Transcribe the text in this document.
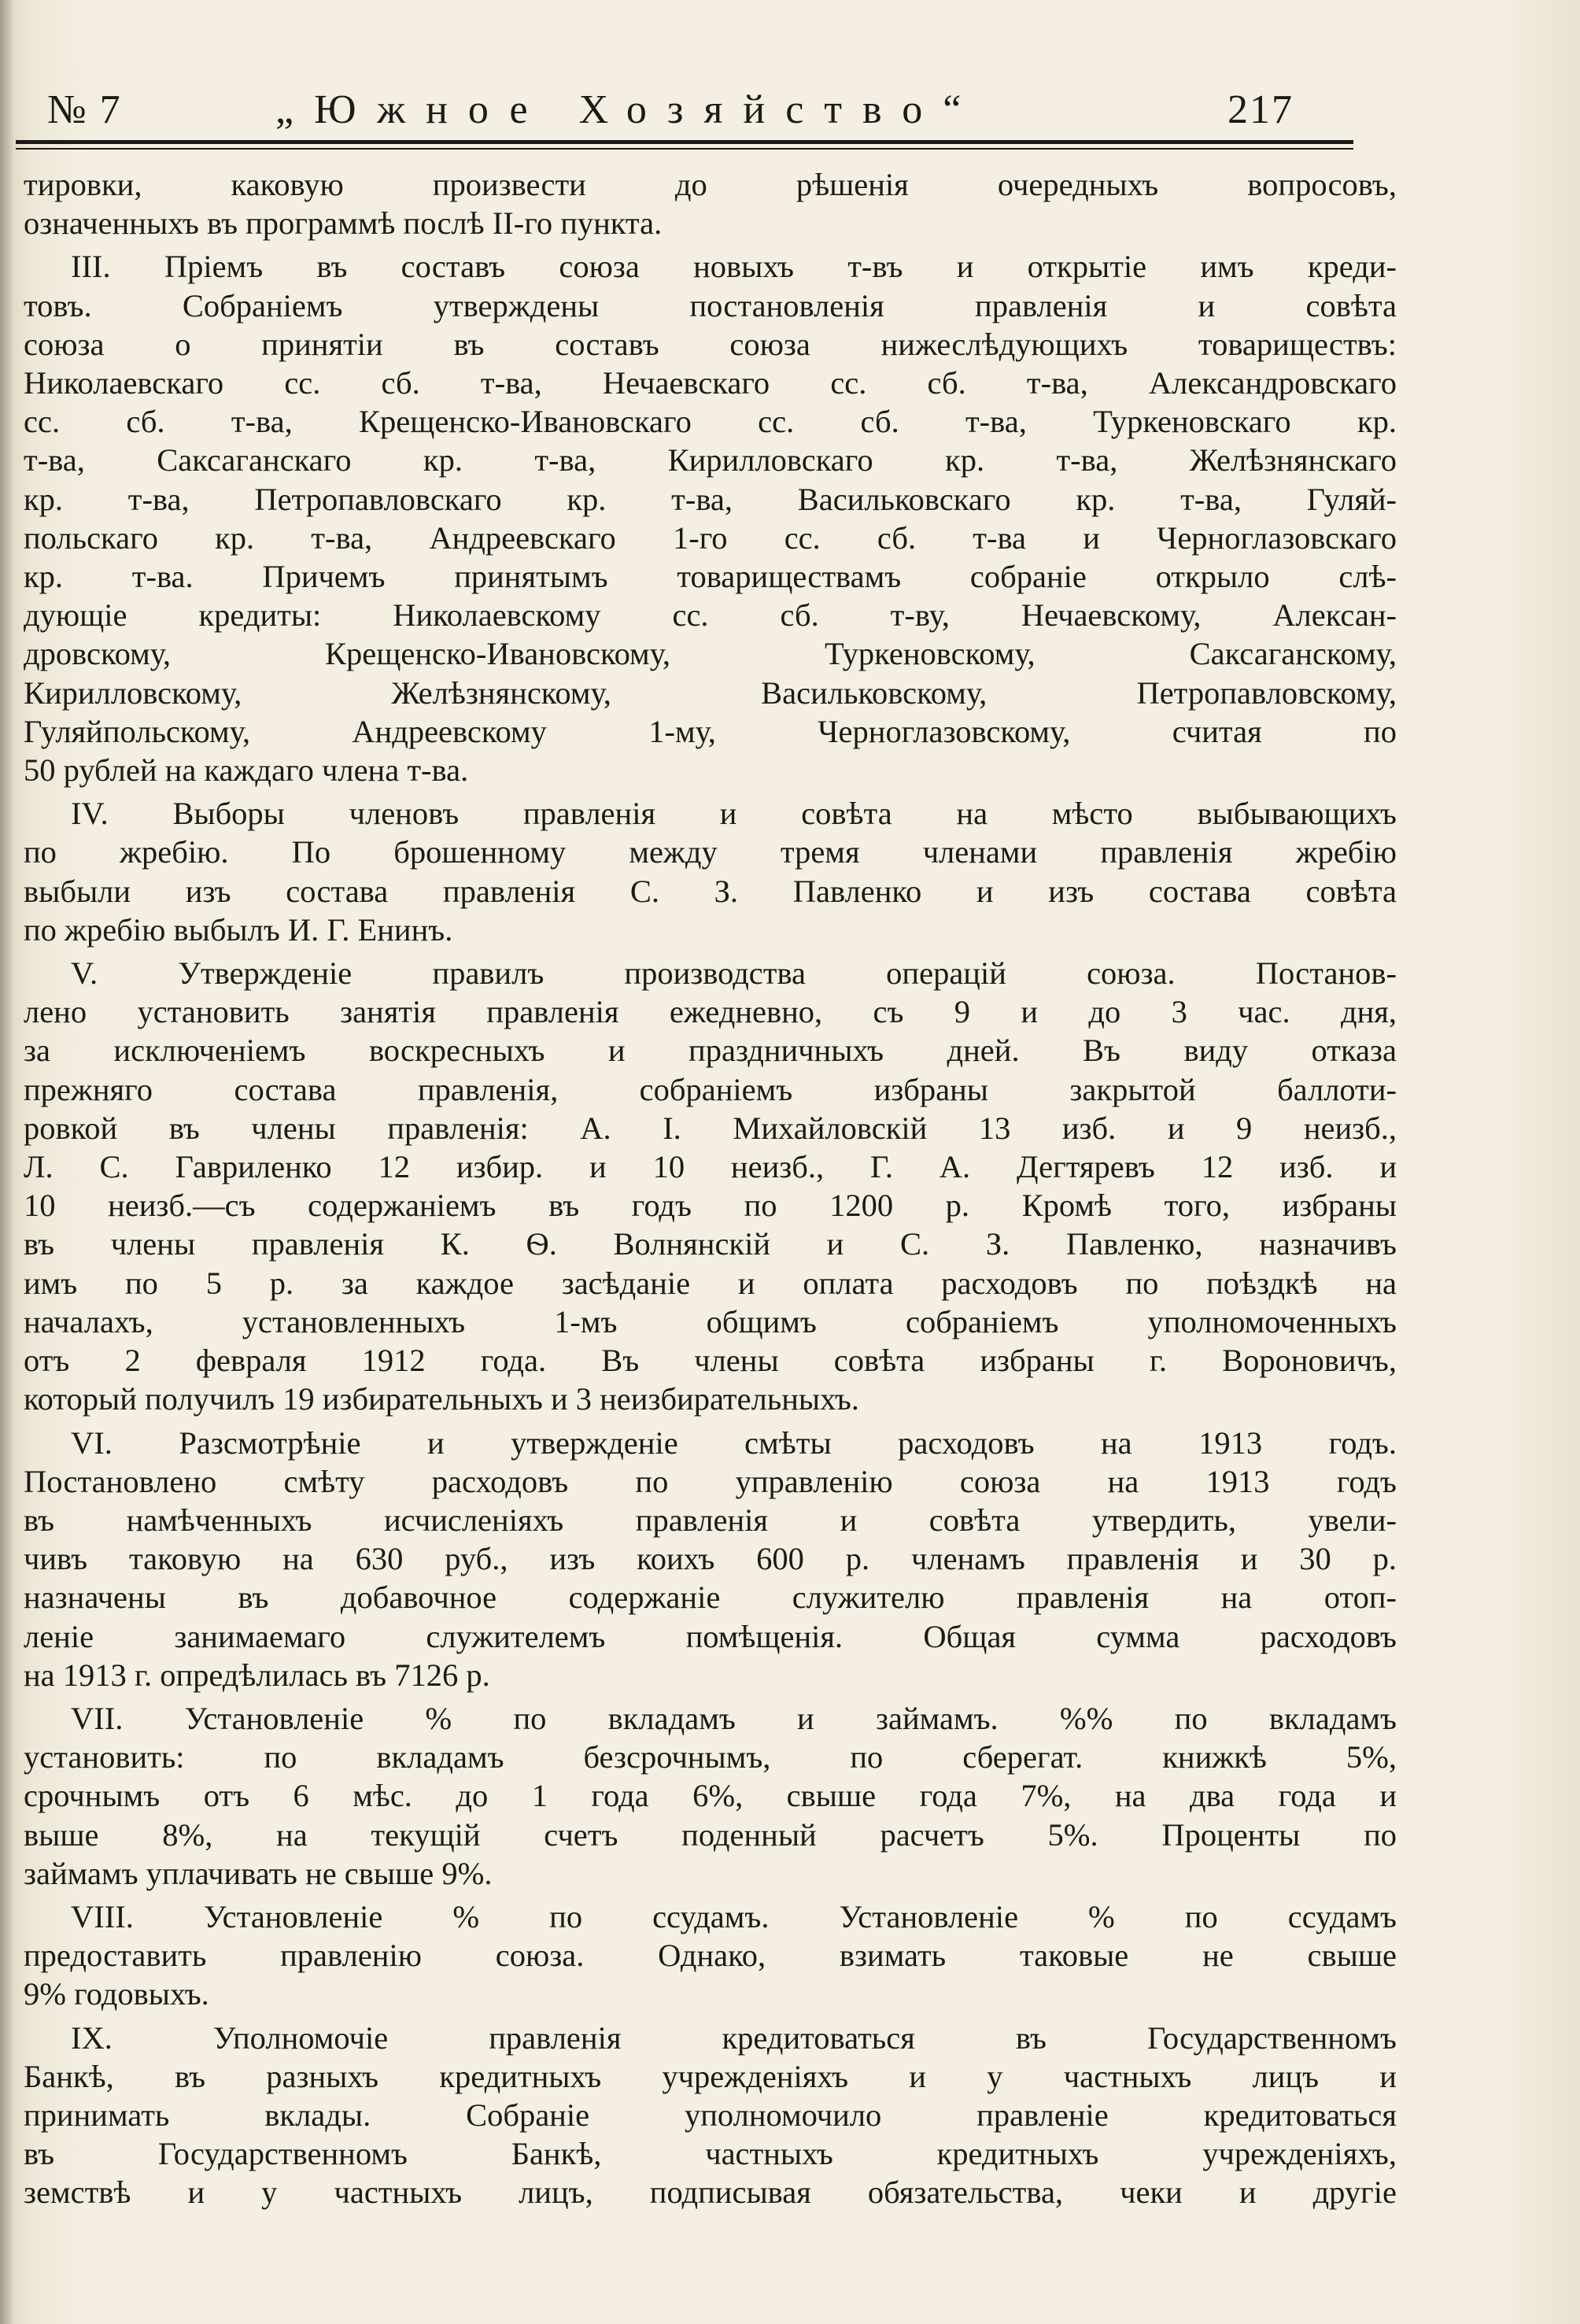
№ 7	„Южное Хозяйство“	217
тировки, каковую произвести до рѣшенія очередныхъ вопросовъ,
означенныхъ въ программѣ послѣ II-го пункта.
III. Пріемъ въ составъ союза новыхъ т-въ и открытіе имъ креди-
товъ. Собраніемъ утверждены постановленія правленія и совѣта
союза о принятіи въ составъ союза нижеслѣдующихъ товариществъ:
Николаевскаго сс. сб. т-ва, Нечаевскаго сс. сб. т-ва, Александровскаго
сс. сб. т-ва, Крещенско-Ивановскаго сс. сб. т-ва, Туркеновскаго кр.
т-ва, Саксаганскаго кр. т-ва, Кирилловскаго кр. т-ва, Желѣзнянскаго
кр. т-ва, Петропавловскаго кр. т-ва, Васильковскаго кр. т-ва, Гуляй-
польскаго кр. т-ва, Андреевскаго 1-го сс. сб. т-ва и Черноглазовскаго
кр. т-ва. Причемъ принятымъ товариществамъ собраніе открыло слѣ-
дующіе кредиты: Николаевскому сс. сб. т-ву, Нечаевскому, Алексан-
дровскому, Крещенско-Ивановскому, Туркеновскому, Саксаганскому,
Кирилловскому, Желѣзнянскому, Васильковскому, Петропавловскому,
Гуляйпольскому, Андреевскому 1-му, Черноглазовскому, считая по
50 рублей на каждаго члена т-ва.
IV. Выборы членовъ правленія и совѣта на мѣсто выбывающихъ
по жребію. По брошенному между тремя членами правленія жребію
выбыли изъ состава правленія С. З. Павленко и изъ состава совѣта
по жребію выбылъ И. Г. Енинъ.
V. Утвержденіе правилъ производства операцій союза. Постанов-
лено установить занятія правленія ежедневно, съ 9 и до 3 час. дня,
за исключеніемъ воскресныхъ и праздничныхъ дней. Въ виду отказа
прежняго состава правленія, собраніемъ избраны закрытой баллоти-
ровкой въ члены правленія: А. I. Михайловскій 13 изб. и 9 неизб.,
Л. С. Гавриленко 12 избир. и 10 неизб., Г. А. Дегтяревъ 12 изб. и
10 неизб.—съ содержаніемъ въ годъ по 1200 р. Кромѣ того, избраны
въ члены правленія К. Ѳ. Волнянскій и С. З. Павленко, назначивъ
имъ по 5 р. за каждое засѣданіе и оплата расходовъ по поѣздкѣ на
началахъ, установленныхъ 1-мъ общимъ собраніемъ уполномоченныхъ
отъ 2 февраля 1912 года. Въ члены совѣта избраны г. Вороновичъ,
который получилъ 19 избирательныхъ и 3 неизбирательныхъ.
VI. Разсмотрѣніе и утвержденіе смѣты расходовъ на 1913 годъ.
Постановлено смѣту расходовъ по управленію союза на 1913 годъ
въ намѣченныхъ исчисленіяхъ правленія и совѣта утвердить, увели-
чивъ таковую на 630 руб., изъ коихъ 600 р. членамъ правленія и 30 р.
назначены въ добавочное содержаніе служителю правленія на отоп-
леніе занимаемаго служителемъ помѣщенія. Общая сумма расходовъ
на 1913 г. опредѣлилась въ 7126 р.
VII. Установленіе % по вкладамъ и займамъ. %% по вкладамъ
установить: по вкладамъ безсрочнымъ, по сберегат. книжкѣ 5%,
срочнымъ отъ 6 мѣс. до 1 года 6%, свыше года 7%, на два года и
выше 8%, на текущій счетъ поденный расчетъ 5%. Проценты по
займамъ уплачивать не свыше 9%.
VIII. Установленіе % по ссудамъ. Установленіе % по ссудамъ
предоставить правленію союза. Однако, взимать таковые не свыше
9% годовыхъ.
IX. Уполномочіе правленія кредитоваться въ Государственномъ
Банкѣ, въ разныхъ кредитныхъ учрежденіяхъ и у частныхъ лицъ и
принимать вклады. Собраніе уполномочило правленіе кредитоваться
въ Государственномъ Банкѣ, частныхъ кредитныхъ учрежденіяхъ,
земствѣ и у частныхъ лицъ, подписывая обязательства, чеки и другіе
